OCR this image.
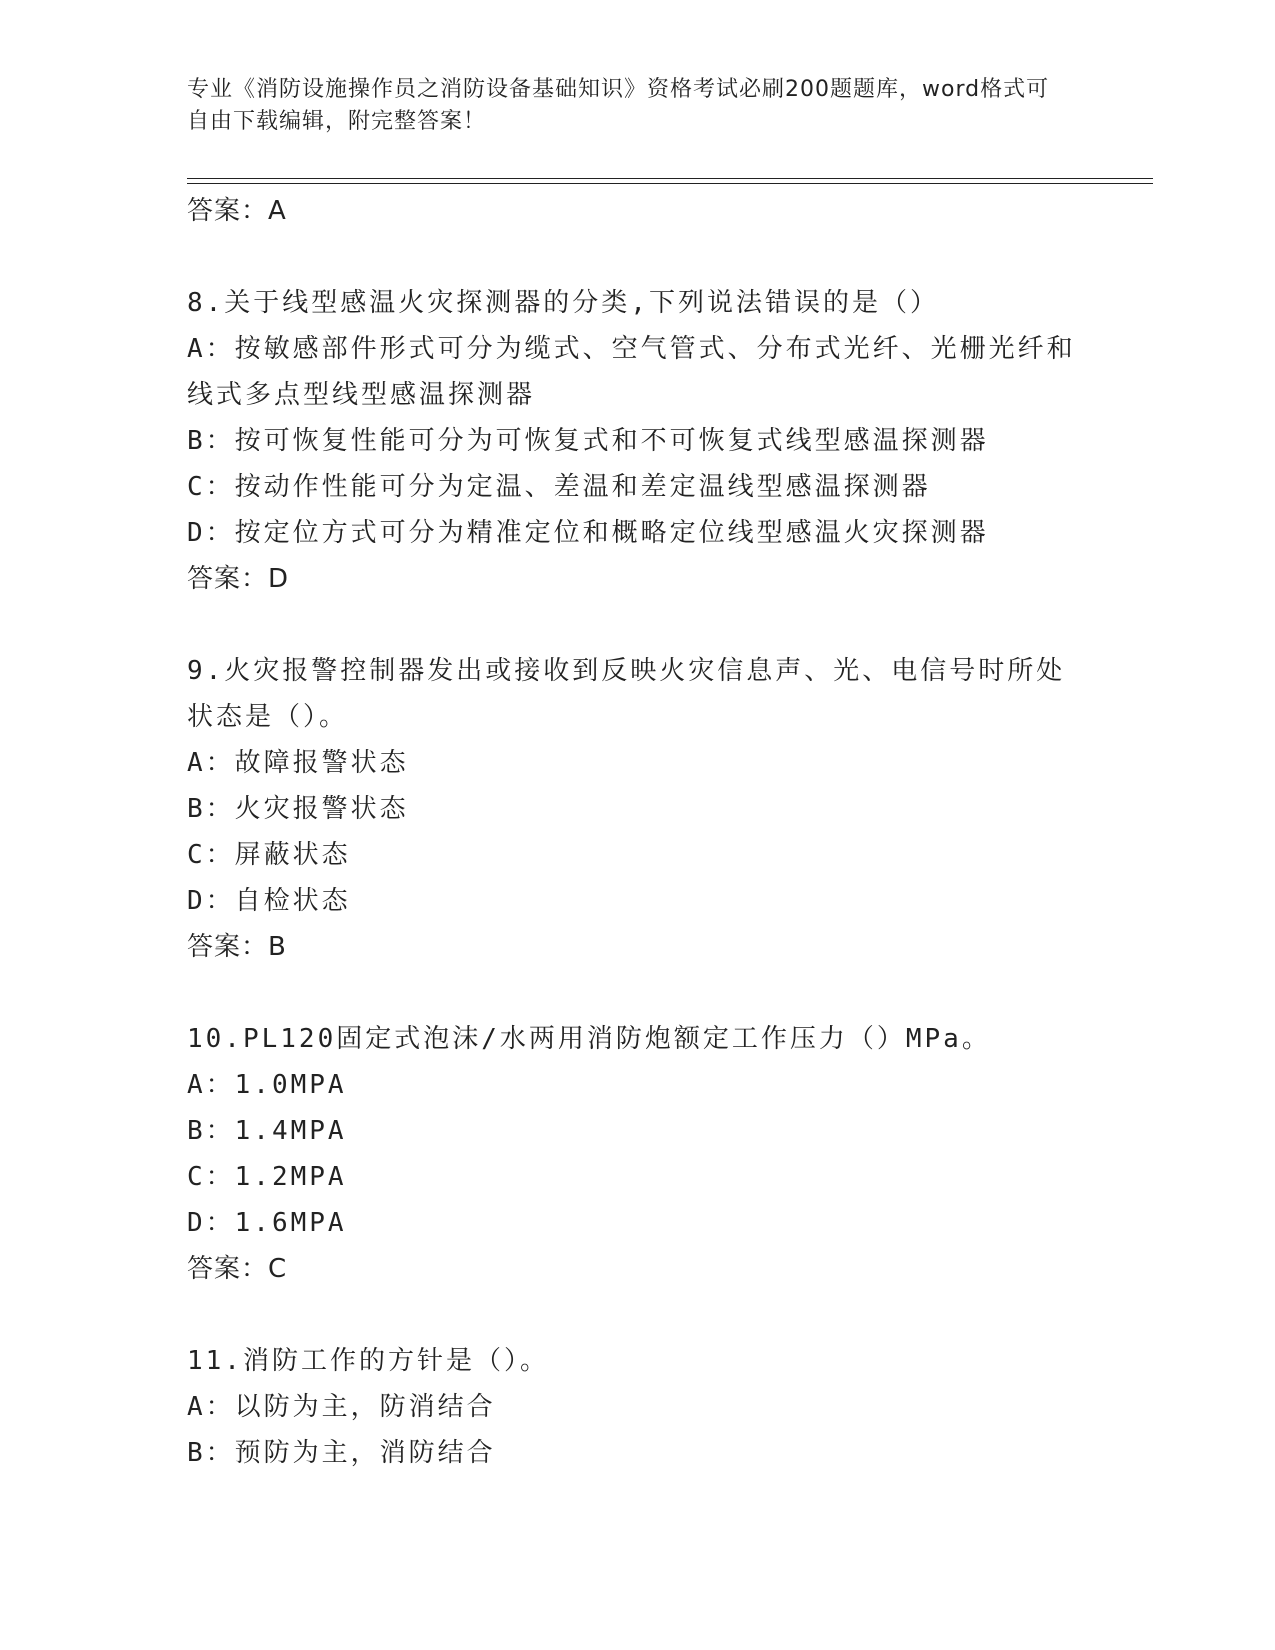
专业《消防设施操作员之消防设备基础知识》资格考试必刷200题题库，word格式可自由下载编辑，附完整答案！
答案：A
8.关于线型感温火灾探测器的分类,下列说法错误的是（）
A：按敏感部件形式可分为缆式、空气管式、分布式光纤、光栅光纤和
线式多点型线型感温探测器
B：按可恢复性能可分为可恢复式和不可恢复式线型感温探测器
C：按动作性能可分为定温、差温和差定温线型感温探测器
D：按定位方式可分为精准定位和概略定位线型感温火灾探测器
答案：D
9.火灾报警控制器发出或接收到反映火灾信息声、光、电信号时所处
状态是（）。
A：故障报警状态
B：火灾报警状态
C：屏蔽状态
D：自检状态
答案：B
10.PL120固定式泡沫/水两用消防炮额定工作压力（）MPa。
A：1.0MPA
B：1.4MPA
C：1.2MPA
D：1.6MPA
答案：C
11.消防工作的方针是（）。
A：以防为主，防消结合
B：预防为主，消防结合
